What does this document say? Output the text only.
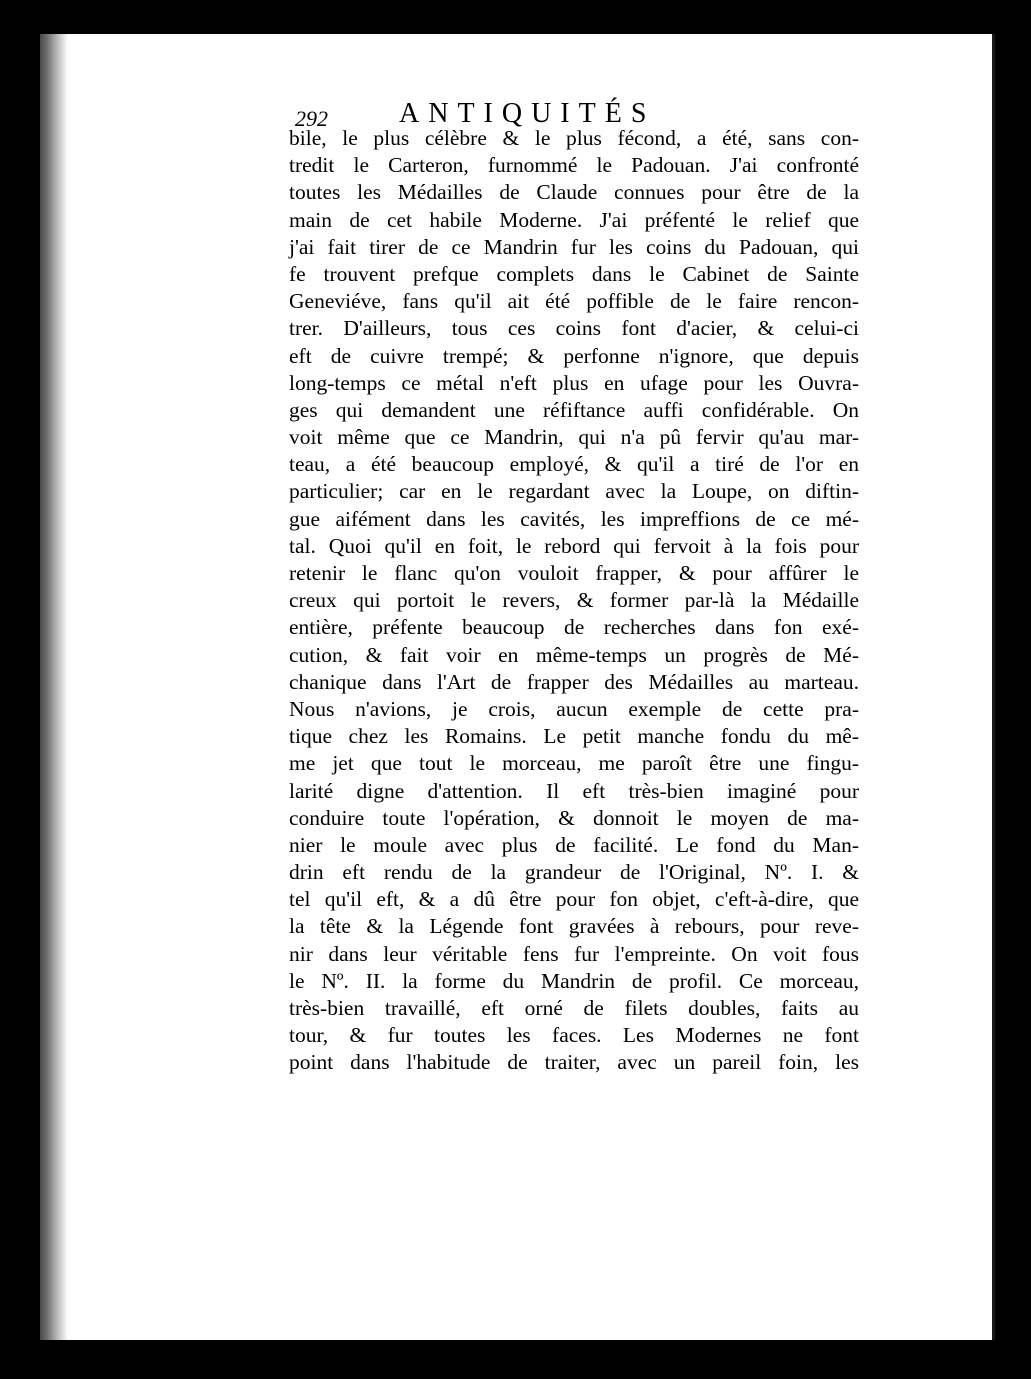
292	ANTIQUITÉS
bile, le plus célèbre & le plus fécond, a été, sans con-
tredit le Carteron, furnommé le Padouan. J'ai confronté
toutes les Médailles de Claude connues pour être de la
main de cet habile Moderne. J'ai préfenté le relief que
j'ai fait tirer de ce Mandrin fur les coins du Padouan, qui
fe trouvent prefque complets dans le Cabinet de Sainte
Geneviéve, fans qu'il ait été poffible de le faire rencon-
trer. D'ailleurs, tous ces coins font d'acier, & celui-ci
eft de cuivre trempé; & perfonne n'ignore, que depuis
long-temps ce métal n'eft plus en ufage pour les Ouvra-
ges qui demandent une réfiftance auffi confidérable. On
voit même que ce Mandrin, qui n'a pû fervir qu'au mar-
teau, a été beaucoup employé, & qu'il a tiré de l'or en
particulier; car en le regardant avec la Loupe, on diftin-
gue aifément dans les cavités, les impreffions de ce mé-
tal. Quoi qu'il en foit, le rebord qui fervoit à la fois pour
retenir le flanc qu'on vouloit frapper, & pour affûrer le
creux qui portoit le revers, & former par-là la Médaille
entière, préfente beaucoup de recherches dans fon exé-
cution, & fait voir en même-temps un progrès de Mé-
chanique dans l'Art de frapper des Médailles au marteau.
Nous n'avions, je crois, aucun exemple de cette pra-
tique chez les Romains. Le petit manche fondu du mê-
me jet que tout le morceau, me paroît être une fingu-
larité digne d'attention. Il eft très-bien imaginé pour
conduire toute l'opération, & donnoit le moyen de ma-
nier le moule avec plus de facilité. Le fond du Man-
drin eft rendu de la grandeur de l'Original, Nº. I. &
tel qu'il eft, & a dû être pour fon objet, c'eft-à-dire, que
la tête & la Légende font gravées à rebours, pour reve-
nir dans leur véritable fens fur l'empreinte. On voit fous
le Nº. II. la forme du Mandrin de profil. Ce morceau,
très-bien travaillé, eft orné de filets doubles, faits au
tour, & fur toutes les faces. Les Modernes ne font
point dans l'habitude de traiter, avec un pareil foin, les
